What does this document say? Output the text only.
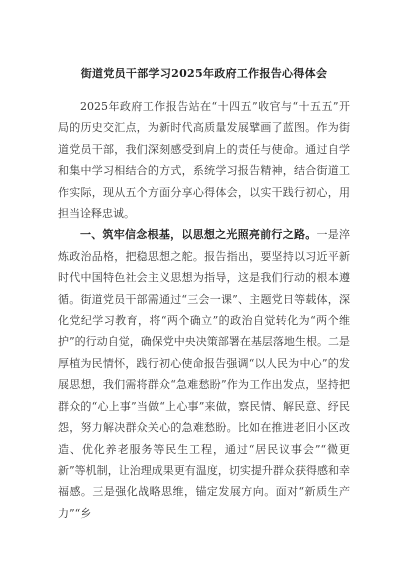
街道党员干部学习2025年政府工作报告心得体会

2025年政府工作报告站在“十四五”收官与“十五五”开局的历史交汇点，为新时代高质量发展擘画了蓝图。作为街道党员干部，我们深刻感受到肩上的责任与使命。通过自学和集中学习相结合的方式，系统学习报告精神，结合街道工作实际，现从五个方面分享心得体会，以实干践行初心，用担当诠释忠诚。

一、筑牢信念根基，以思想之光照亮前行之路。一是淬炼政治品格，把稳思想之舵。报告指出，要坚持以习近平新时代中国特色社会主义思想为指导，这是我们行动的根本遵循。街道党员干部需通过“三会一课”、主题党日等载体，深化党纪学习教育，将“两个确立”的政治自觉转化为“两个维护”的行动自觉，确保党中央决策部署在基层落地生根。二是厚植为民情怀，践行初心使命报告强调“以人民为中心”的发展思想，我们需将群众“急难愁盼”作为工作出发点，坚持把群众的“心上事”当做“上心事”来做，察民情、解民意、纾民怨，努力解决群众关心的急难愁盼。比如在推进老旧小区改造、优化养老服务等民生工程，通过“居民议事会”“微更新”等机制，让治理成果更有温度，切实提升群众获得感和幸福感。三是强化战略思维，锚定发展方向。面对“新质生产力”“乡
